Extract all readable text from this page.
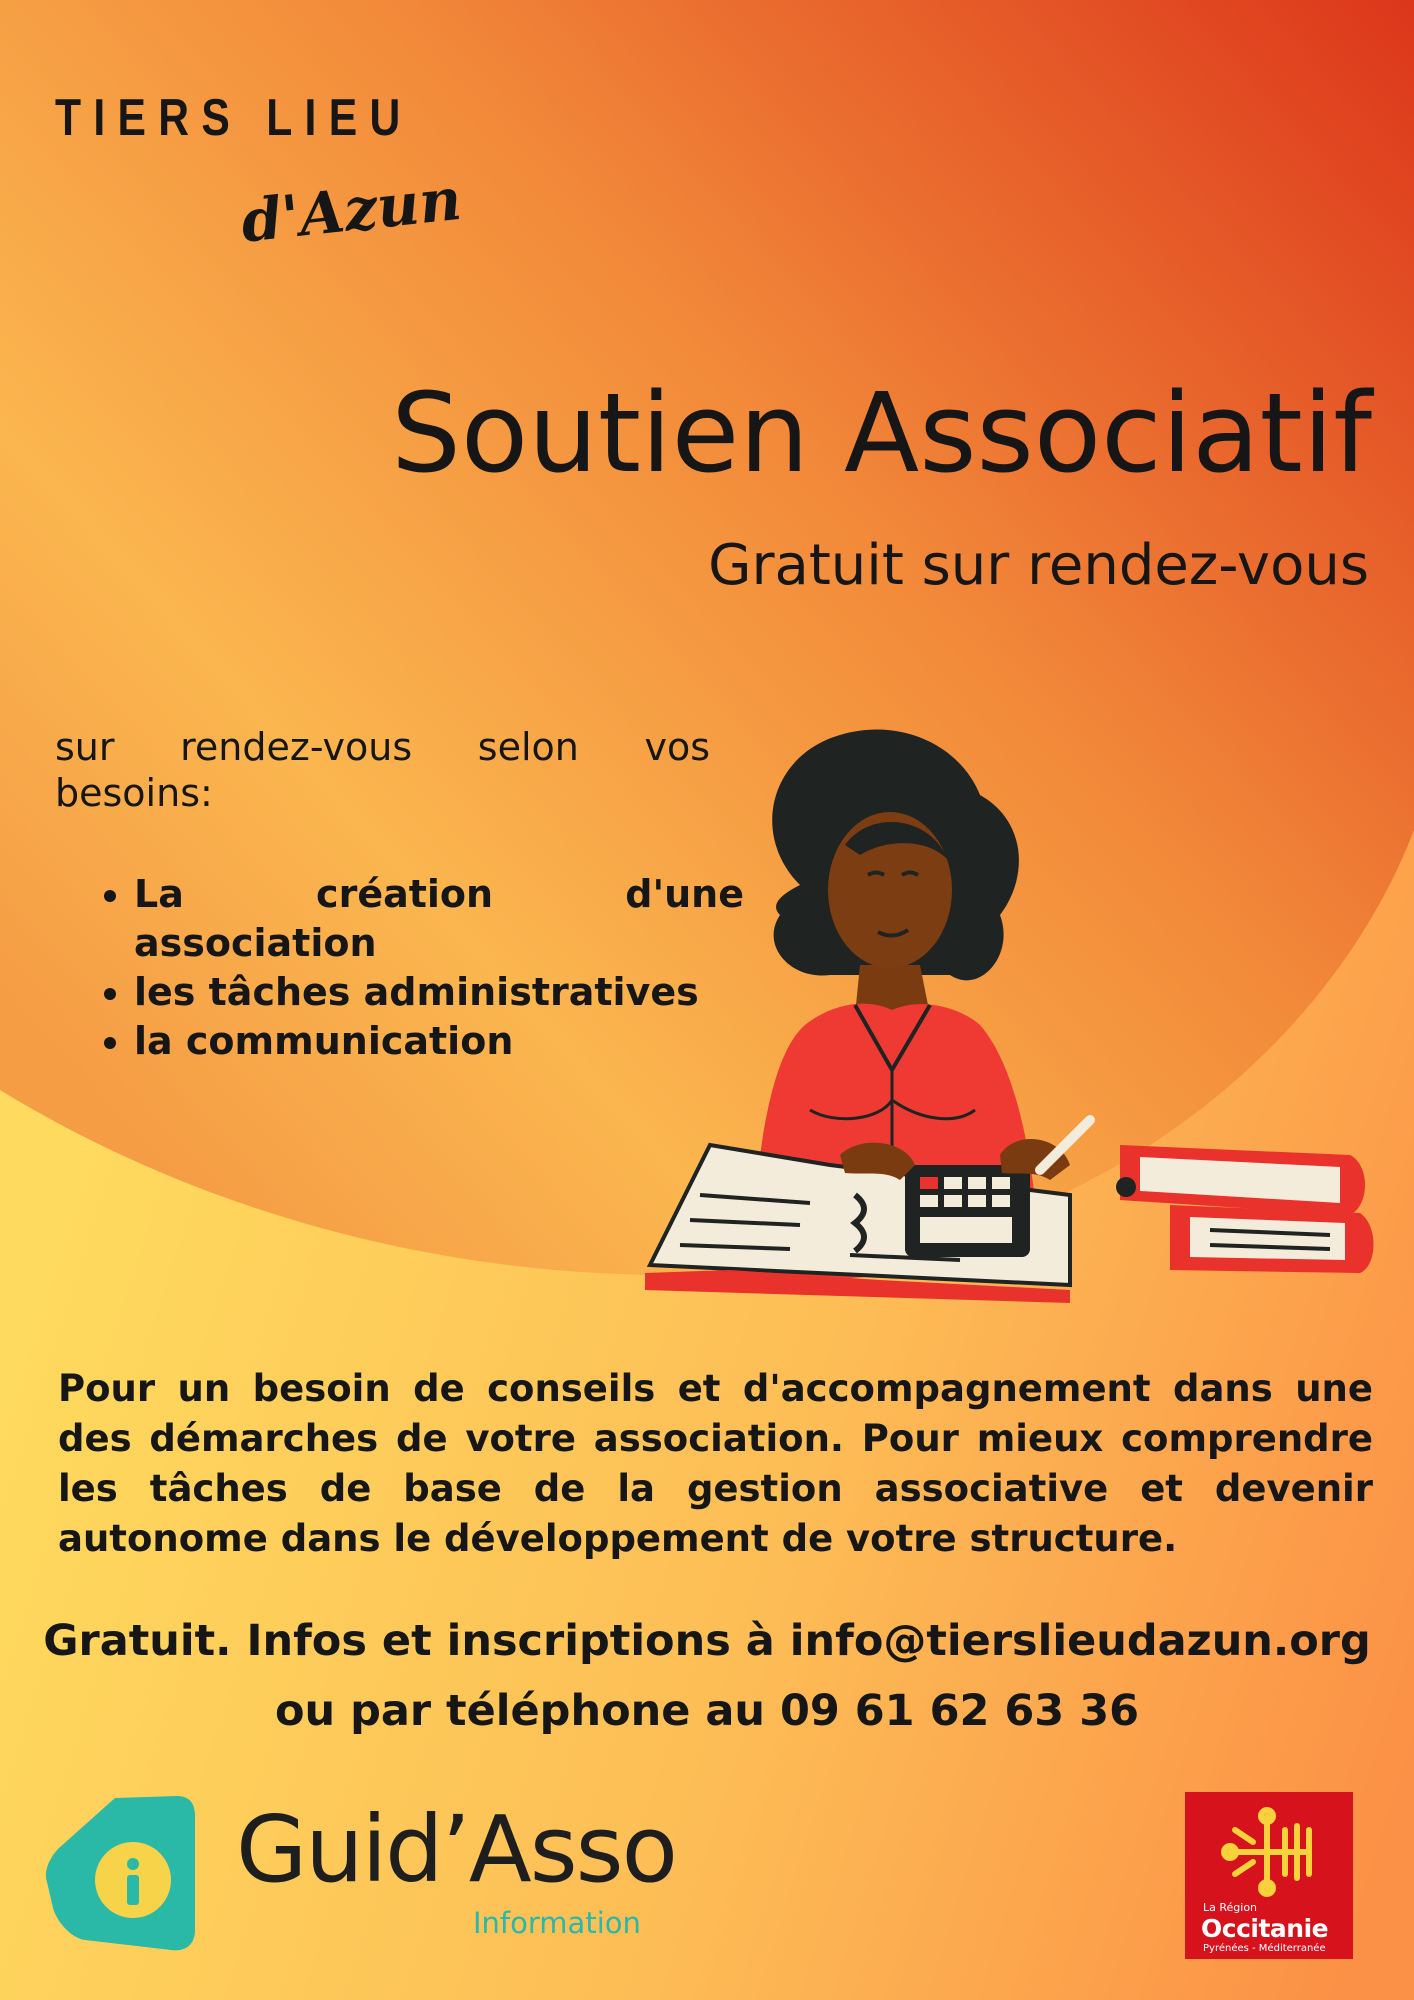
TIERS LIEU
d'Azun
Soutien Associatif
Gratuit sur rendez-vous
sur rendez-vous selon vos besoins:
• La création d'une association
• les tâches administratives
• la communication
Pour un besoin de conseils et d'accompagnement dans une des démarches de votre association. Pour mieux comprendre les tâches de base de la gestion associative et devenir autonome dans le développement de votre structure.
Gratuit. Infos et inscriptions à info@tierslieudazun.org
ou par téléphone au 09 61 62 63 36
Guid’Asso
Information	La Région
Occitanie
Pyrénées - Méditerranée
